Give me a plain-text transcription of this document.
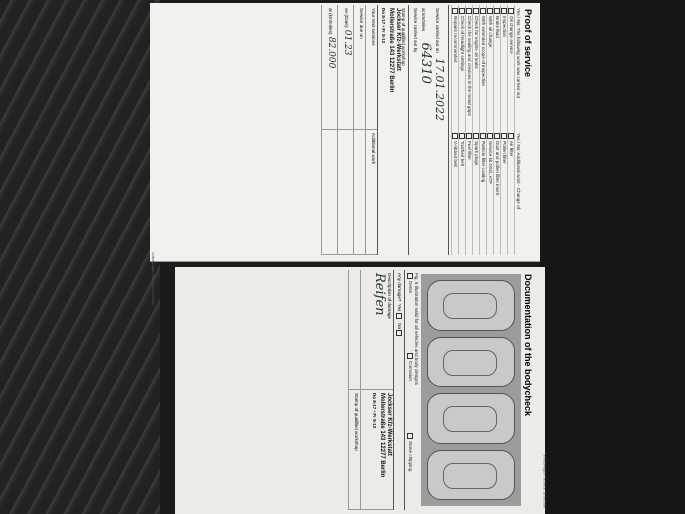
Proof of service
Yes / No: The following work was carried out
Yes / No: Additional work - Change of
Oil change service
Air filter
Inspection
Pollen filter
Brake fluid
Dust and pollen filter insert
With oil change
Service kit DSG, ATF
With extended scope of inspection
Particle filter coating
Check for engine oil leaks
Spark plugs
Check the sealing and crevices in the metal gaps
Fuel filter
Check of headlight settings
Toothed belt
Repairs recommended
V-ribbed belt
Service carried out on 17.01.2022
at km/miles 64310
Service carried out by
Stamp of qualified workshop
Jockser Kfz-Werkstatt
Mollerstraße 143 12277 Berlin
Do 8-17 • Fr 8-13
Your next services
Additional work
Service due on
on (Date): 01.23
at (km/miles): 82.000
Volkswagen Service Schedule	Documentation of the bodycheck
Fig. 5 illustration valid for all vehicles and body designs
Dents
Corrosion
Stone chipping
Any damage?  Yes   No
Description of damage
Reifen
Jockser Kfz-Werkstatt
Mollerstraße 143 12277 Berlin
Do 8-17 • Fr 8-13
Stamp of qualified workshop
Volkswagen Service Schedule
